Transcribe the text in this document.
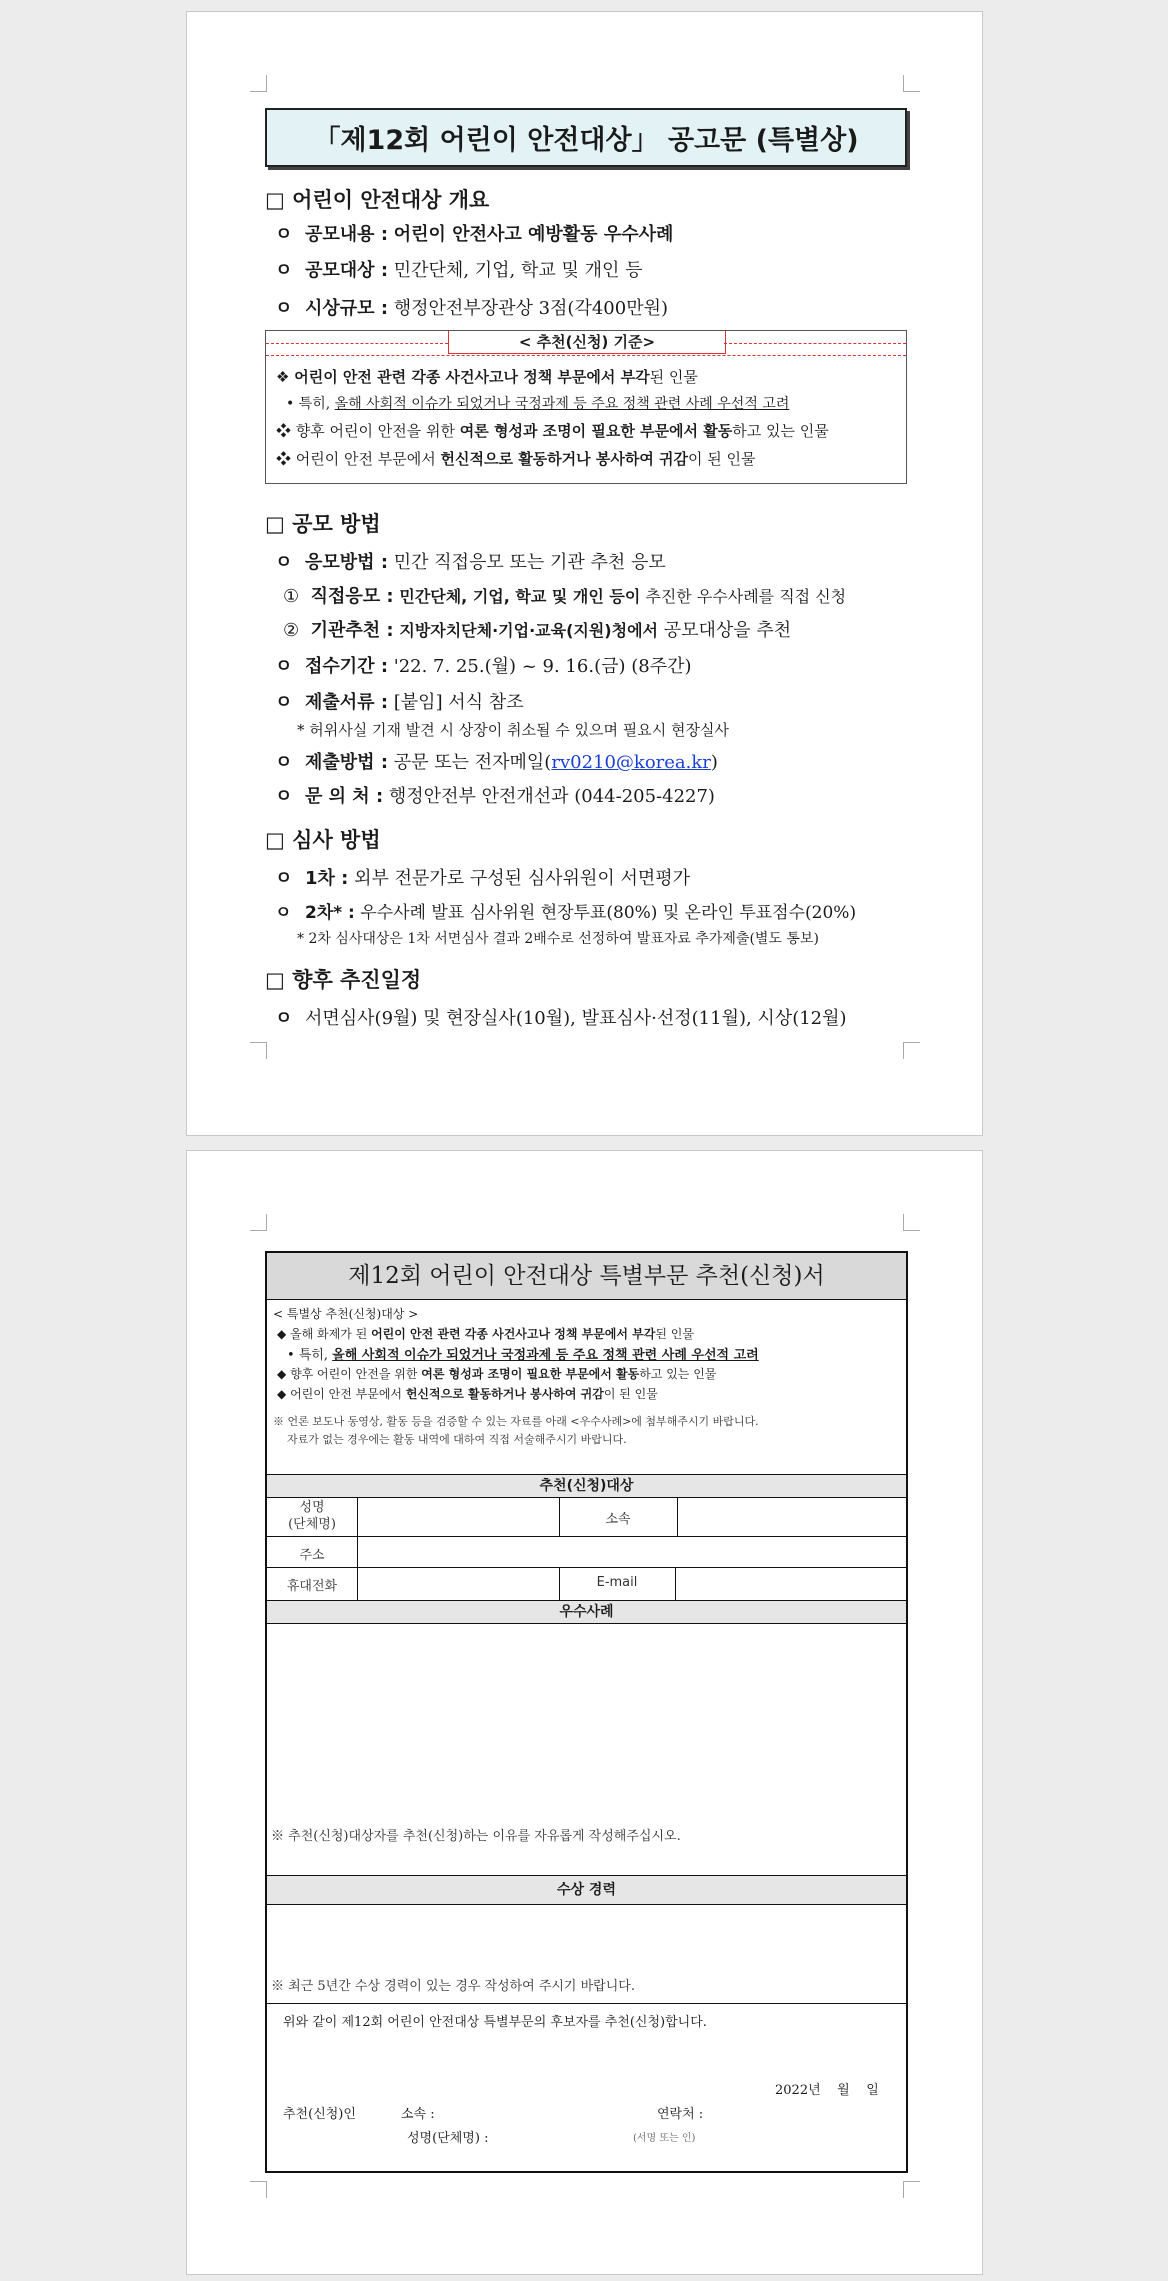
「제12회 어린이 안전대상」 공고문 (특별상)
□ 어린이 안전대상 개요
ㅇ 공모내용 : 어린이 안전사고 예방활동 우수사례
ㅇ 공모대상 : 민간단체, 기업, 학교 및 개인 등
ㅇ 시상규모 : 행정안전부장관상 3점(각400만원)
< 추천(신청) 기준>
❖ 어린이 안전 관련 각종 사건사고나 정책 부문에서 부각된 인물
• 특히, 올해 사회적 이슈가 되었거나 국정과제 등 주요 정책 관련 사례 우선적 고려
❖ 향후 어린이 안전을 위한 여론 형성과 조명이 필요한 부문에서 활동하고 있는 인물
❖ 어린이 안전 부문에서 헌신적으로 활동하거나 봉사하여 귀감이 된 인물
□ 공모 방법
ㅇ 응모방법 : 민간 직접응모 또는 기관 추천 응모
① 직접응모 : 민간단체, 기업, 학교 및 개인 등이 추진한 우수사례를 직접 신청
② 기관추천 : 지방자치단체·기업·교육(지원)청에서 공모대상을 추천
ㅇ 접수기간 : '22. 7. 25.(월) ~ 9. 16.(금) (8주간)
ㅇ 제출서류 : [붙임] 서식 참조
* 허위사실 기재 발견 시 상장이 취소될 수 있으며 필요시 현장실사
ㅇ 제출방법 : 공문 또는 전자메일(rv0210@korea.kr)
ㅇ 문 의 처 : 행정안전부 안전개선과 (044-205-4227)
□ 심사 방법
ㅇ 1차 : 외부 전문가로 구성된 심사위원이 서면평가
ㅇ 2차* : 우수사례 발표 심사위원 현장투표(80%) 및 온라인 투표점수(20%)
* 2차 심사대상은 1차 서면심사 결과 2배수로 선정하여 발표자료 추가제출(별도 통보)
□ 향후 추진일정
ㅇ 서면심사(9월) 및 현장실사(10월), 발표심사·선정(11월), 시상(12월)
제12회 어린이 안전대상 특별부문 추천(신청)서
< 특별상 추천(신청)대상 >
◆ 올해 화제가 된 어린이 안전 관련 각종 사건사고나 정책 부문에서 부각된 인물
• 특히, 올해 사회적 이슈가 되었거나 국정과제 등 주요 정책 관련 사례 우선적 고려
◆ 향후 어린이 안전을 위한 여론 형성과 조명이 필요한 부문에서 활동하고 있는 인물
◆ 어린이 안전 부문에서 헌신적으로 활동하거나 봉사하여 귀감이 된 인물
※ 언론 보도나 동영상, 활동 등을 검증할 수 있는 자료를 아래 <우수사례>에 첨부해주시기 바랍니다.
자료가 없는 경우에는 활동 내역에 대하여 직접 서술해주시기 바랍니다.
추천(신청)대상
성명
(단체명)	소속
주소
휴대전화	E-mail
우수사례
※ 추천(신청)대상자를 추천(신청)하는 이유를 자유롭게 작성해주십시오.
수상 경력
※ 최근 5년간 수상 경력이 있는 경우 작성하여 주시기 바랍니다.
위와 같이 제12회 어린이 안전대상 특별부문의 후보자를 추천(신청)합니다.
2022년    월    일
추천(신청)인	소속 :	연락처 :
성명(단체명) :	(서명 또는 인)
